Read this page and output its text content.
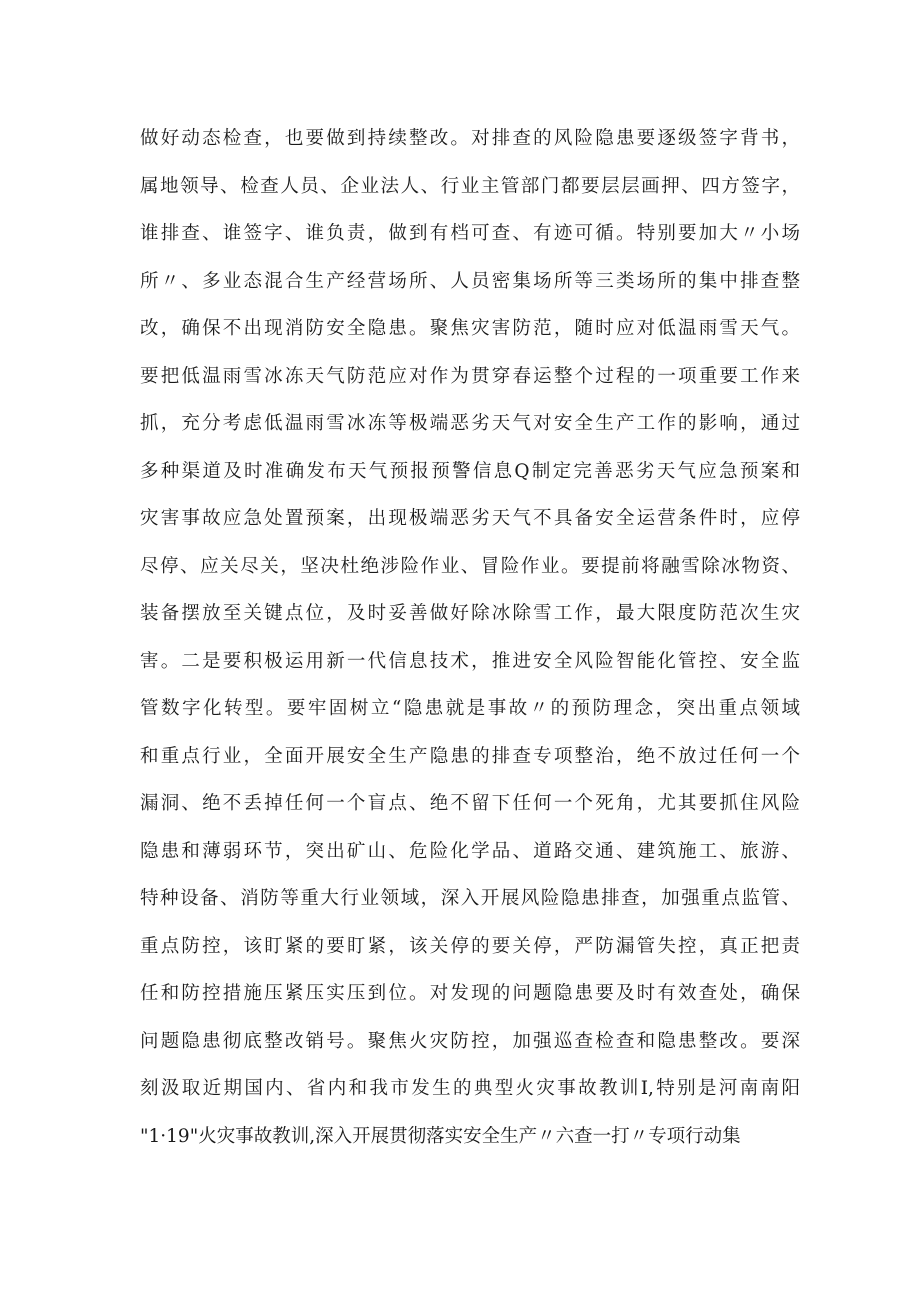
做好动态检查，也要做到持续整改。对排查的风险隐患要逐级签字背书，
属地领导、检查人员、企业法人、行业主管部门都要层层画押、四方签字，
谁排查、谁签字、谁负责，做到有档可查、有迹可循。特别要加大〃小场
所〃、多业态混合生产经营场所、人员密集场所等三类场所的集中排查整
改，确保不出现消防安全隐患。聚焦灾害防范，随时应对低温雨雪天气。
要把低温雨雪冰冻天气防范应对作为贯穿春运整个过程的一项重要工作来
抓，充分考虑低温雨雪冰冻等极端恶劣天气对安全生产工作的影响，通过
多种渠道及时准确发布天气预报预警信息Q制定完善恶劣天气应急预案和
灾害事故应急处置预案，出现极端恶劣天气不具备安全运营条件时，应停
尽停、应关尽关，坚决杜绝涉险作业、冒险作业。要提前将融雪除冰物资、
装备摆放至关键点位，及时妥善做好除冰除雪工作，最大限度防范次生灾
害。二是要积极运用新一代信息技术，推进安全风险智能化管控、安全监
管数字化转型。要牢固树立“隐患就是事故〃的预防理念，突出重点领域
和重点行业，全面开展安全生产隐患的排查专项整治，绝不放过任何一个
漏洞、绝不丢掉任何一个盲点、绝不留下任何一个死角，尤其要抓住风险
隐患和薄弱环节，突出矿山、危险化学品、道路交通、建筑施工、旅游、
特种设备、消防等重大行业领域，深入开展风险隐患排查，加强重点监管、
重点防控，该盯紧的要盯紧，该关停的要关停，严防漏管失控，真正把责
任和防控措施压紧压实压到位。对发现的问题隐患要及时有效查处，确保
问题隐患彻底整改销号。聚焦火灾防控，加强巡查检查和隐患整改。要深
刻汲取近期国内、省内和我市发生的典型火灾事故教训I,特别是河南南阳
"1·19"火灾事故教训,深入开展贯彻落实安全生产〃六查一打〃专项行动集
